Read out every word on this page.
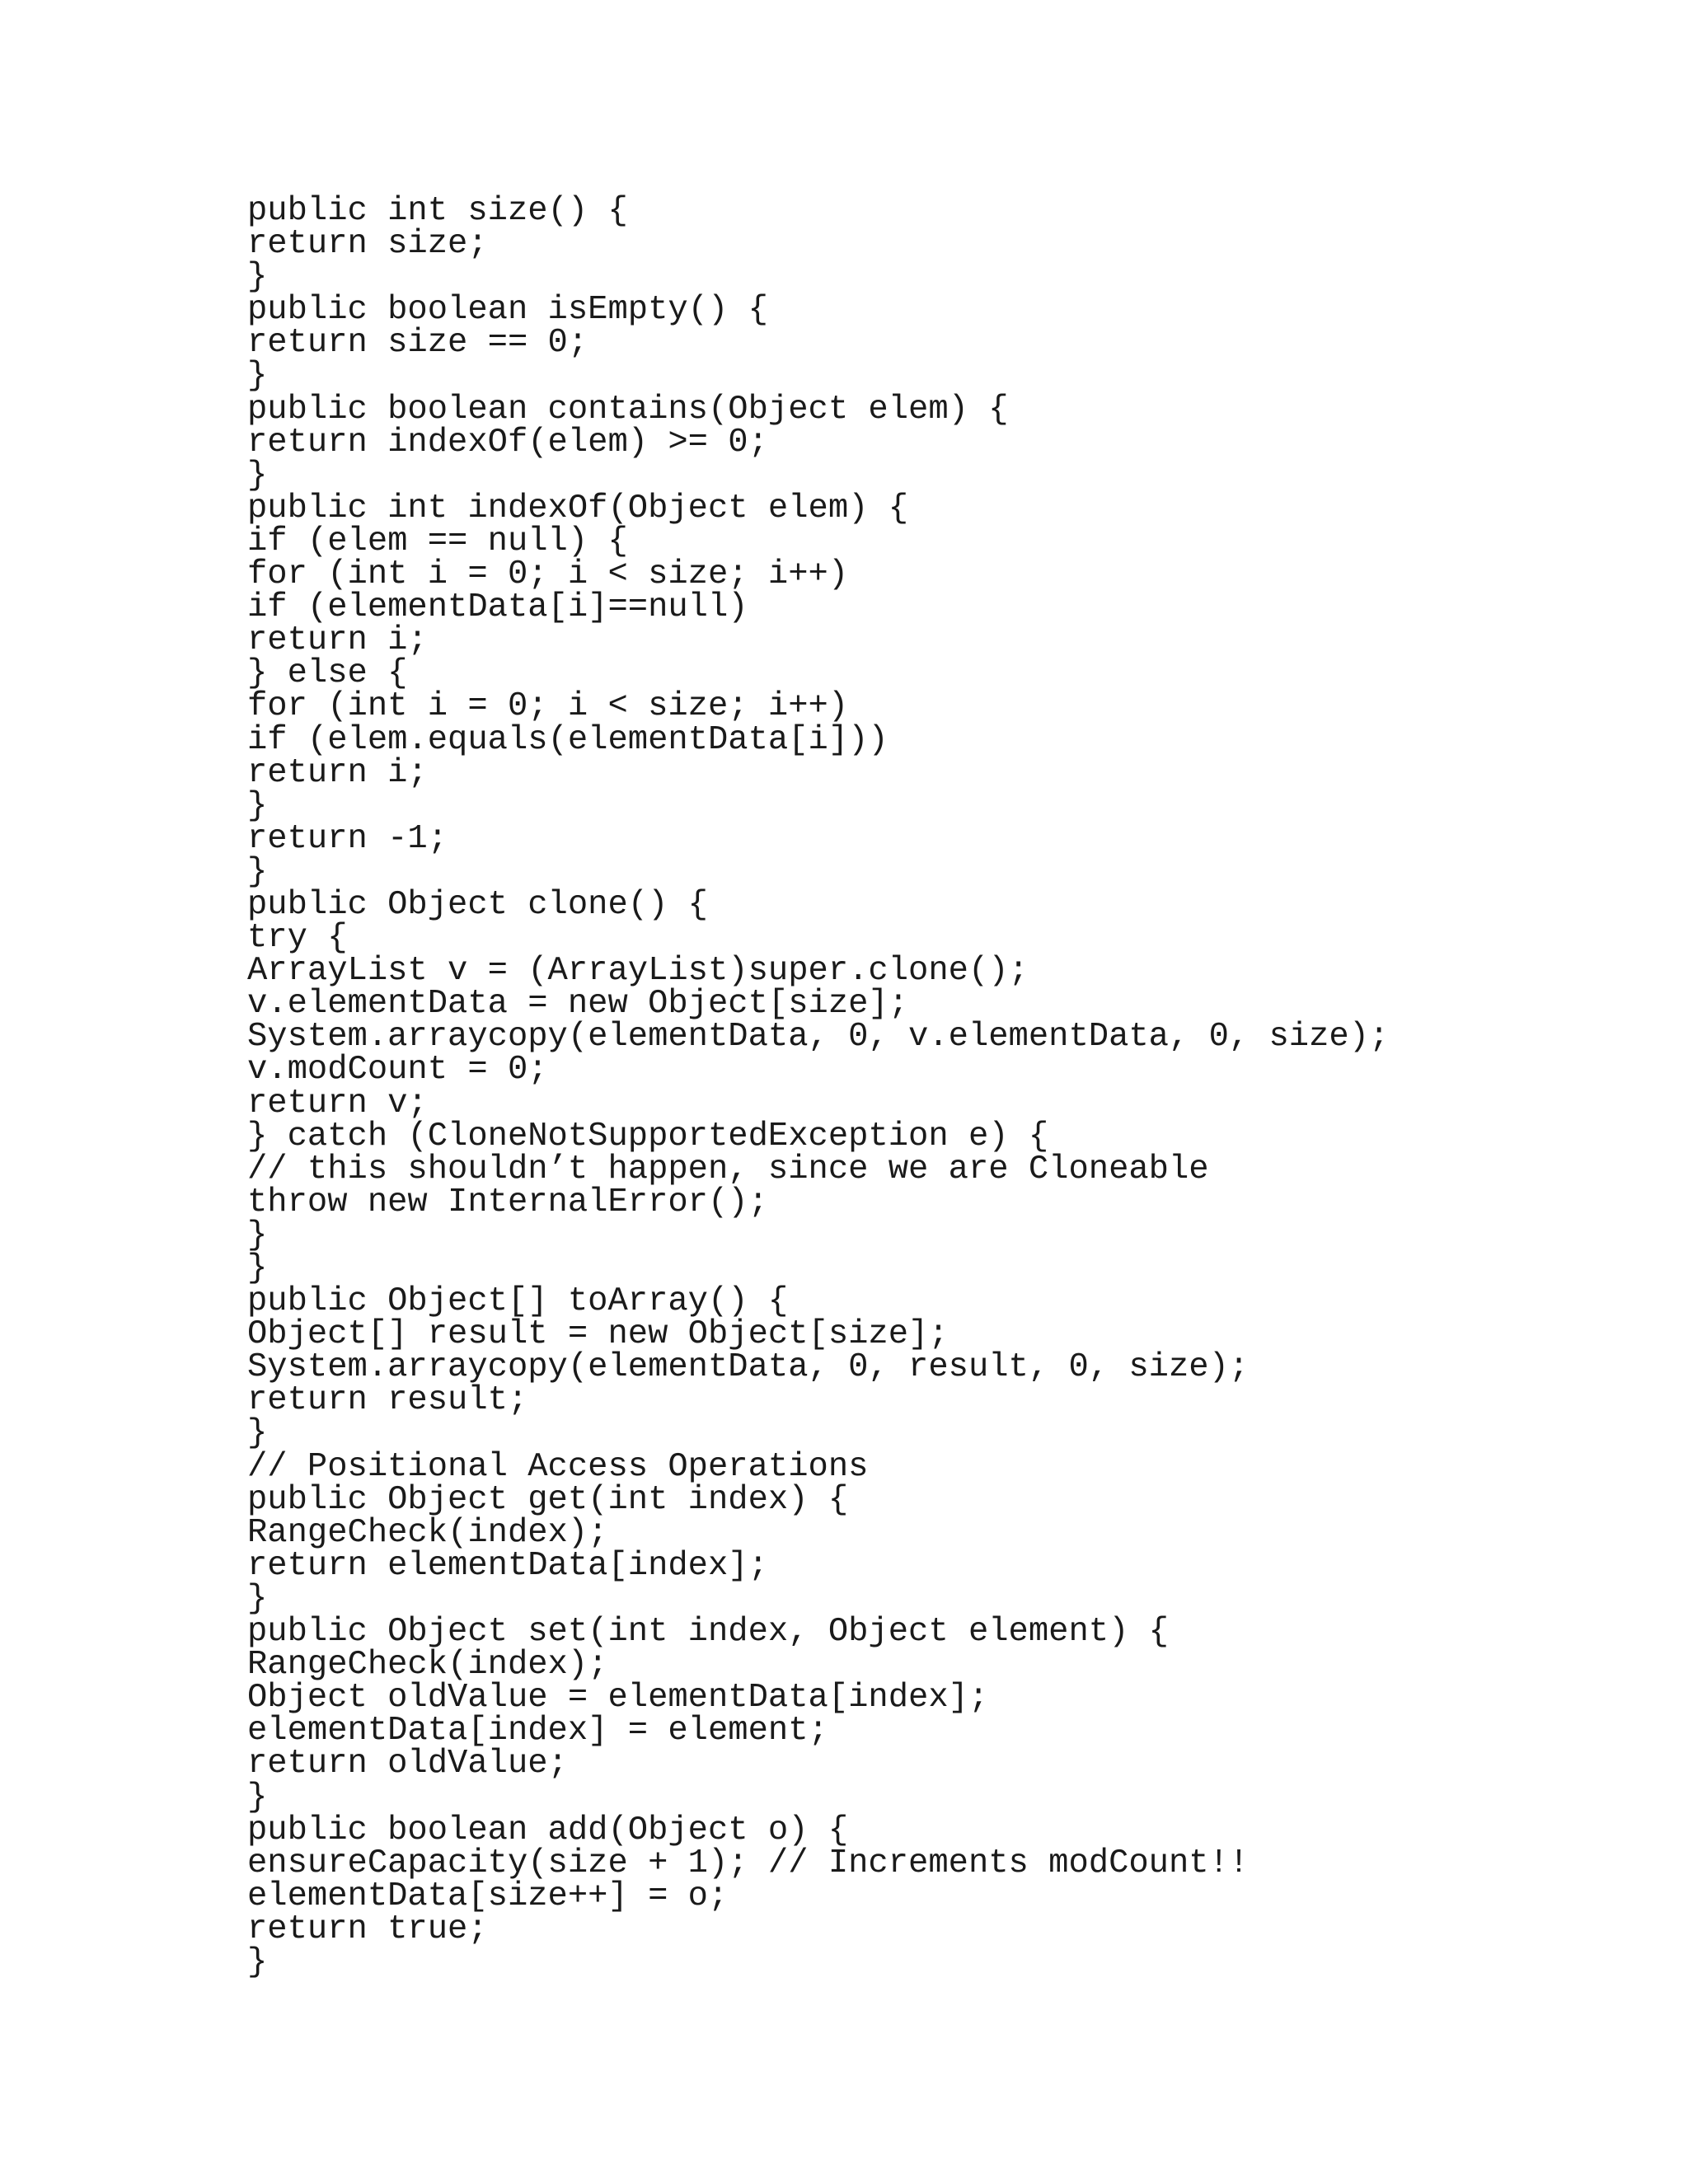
public int size() {
return size;
}
public boolean isEmpty() {
return size == 0;
}
public boolean contains(Object elem) {
return indexOf(elem) >= 0;
}
public int indexOf(Object elem) {
if (elem == null) {
for (int i = 0; i < size; i++)
if (elementData[i]==null)
return i;
} else {
for (int i = 0; i < size; i++)
if (elem.equals(elementData[i]))
return i;
}
return -1;
}
public Object clone() {
try {
ArrayList v = (ArrayList)super.clone();
v.elementData = new Object[size];
System.arraycopy(elementData, 0, v.elementData, 0, size);
v.modCount = 0;
return v;
} catch (CloneNotSupportedException e) {
// this shouldn’t happen, since we are Cloneable
throw new InternalError();
}
}
public Object[] toArray() {
Object[] result = new Object[size];
System.arraycopy(elementData, 0, result, 0, size);
return result;
}
// Positional Access Operations
public Object get(int index) {
RangeCheck(index);
return elementData[index];
}
public Object set(int index, Object element) {
RangeCheck(index);
Object oldValue = elementData[index];
elementData[index] = element;
return oldValue;
}
public boolean add(Object o) {
ensureCapacity(size + 1); // Increments modCount!!
elementData[size++] = o;
return true;
}
